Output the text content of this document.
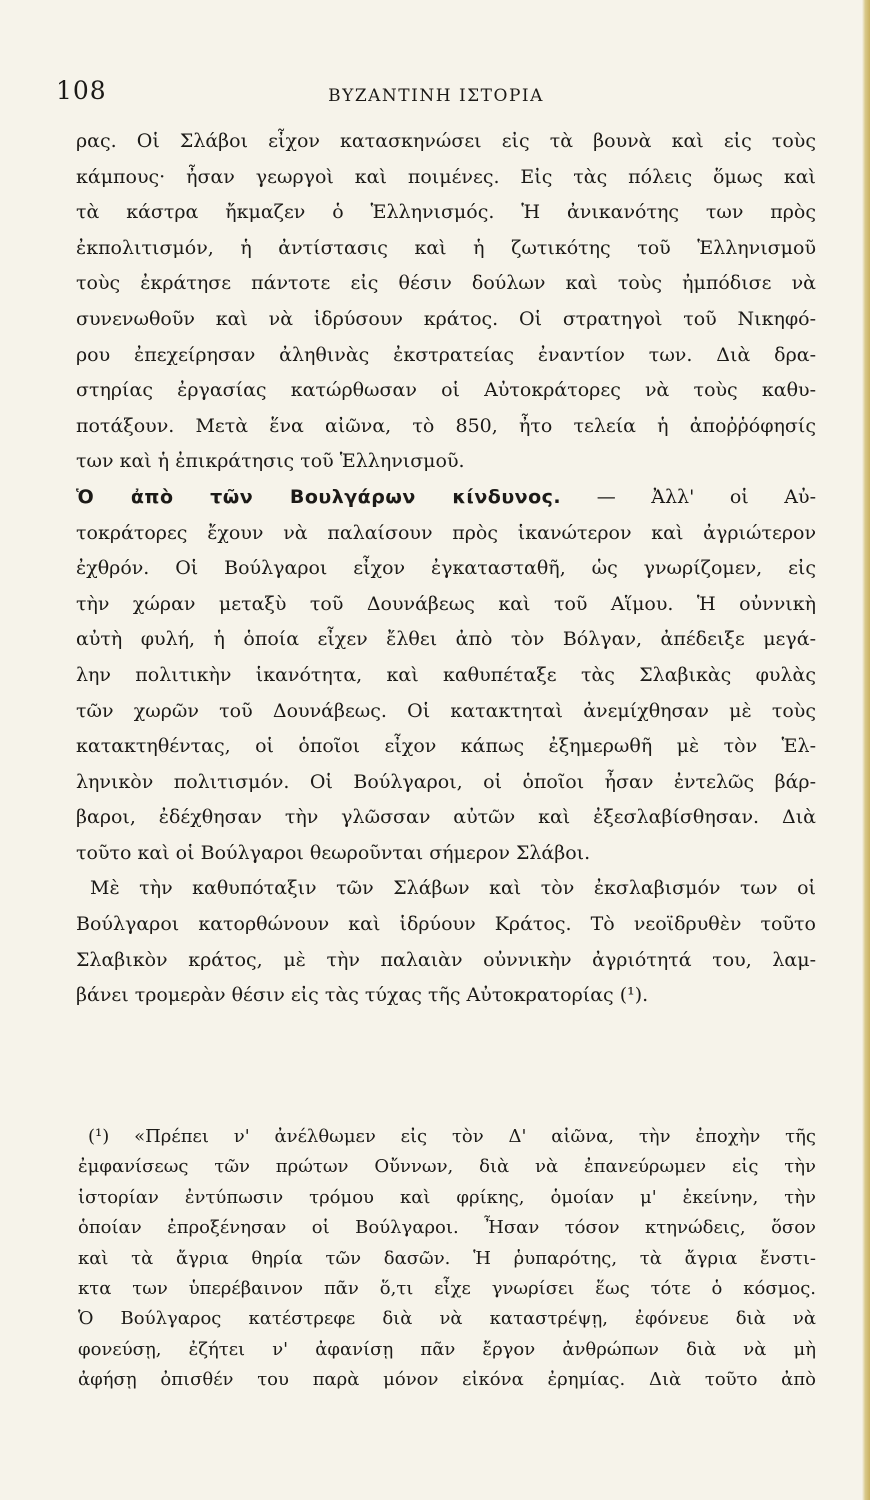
108	ΒΥΖΑΝΤΙΝΗ ΙΣΤΟΡΙΑ
ρας. Οἱ Σλάβοι εἶχον κατασκηνώσει εἰς τὰ βουνὰ καὶ εἰς τοὺς
κάμπους· ἦσαν γεωργοὶ καὶ ποιμένες. Εἰς τὰς πόλεις ὅμως καὶ
τὰ κάστρα ἤκμαζεν ὁ Ἑλληνισμός. Ἡ ἀνικανότης των πρὸς
ἐκπολιτισμόν, ἡ ἀντίστασις καὶ ἡ ζωτικότης τοῦ Ἑλληνισμοῦ
τοὺς ἐκράτησε πάντοτε εἰς θέσιν δούλων καὶ τοὺς ἠμπόδισε νὰ
συνενωθοῦν καὶ νὰ ἱδρύσουν κράτος. Οἱ στρατηγοὶ τοῦ Νικηφό-
ρου ἐπεχείρησαν ἀληθινὰς ἐκστρατείας ἐναντίον των. Διὰ δρα-
στηρίας ἐργασίας κατώρθωσαν οἱ Αὐτοκράτορες νὰ τοὺς καθυ-
ποτάξουν. Μετὰ ἕνα αἰῶνα, τὸ 850, ἦτο τελεία ἡ ἀποῤῥόφησίς
των καὶ ἡ ἐπικράτησις τοῦ Ἑλληνισμοῦ.
Ὁ ἀπὸ τῶν Βουλγάρων κίνδυνος. — Ἀλλ' οἱ Αὐ-
τοκράτορες ἔχουν νὰ παλαίσουν πρὸς ἱκανώτερον καὶ ἀγριώτερον
ἐχθρόν. Οἱ Βούλγαροι εἶχον ἐγκατασταθῆ, ὡς γνωρίζομεν, εἰς
τὴν χώραν μεταξὺ τοῦ Δουνάβεως καὶ τοῦ Αἵμου. Ἡ οὐννικὴ
αὐτὴ φυλή, ἡ ὁποία εἶχεν ἔλθει ἀπὸ τὸν Βόλγαν, ἀπέδειξε μεγά-
λην πολιτικὴν ἱκανότητα, καὶ καθυπέταξε τὰς Σλαβικὰς φυλὰς
τῶν χωρῶν τοῦ Δουνάβεως. Οἱ κατακτηταὶ ἀνεμίχθησαν μὲ τοὺς
κατακτηθέντας, οἱ ὁποῖοι εἶχον κάπως ἐξημερωθῆ μὲ τὸν Ἑλ-
ληνικὸν πολιτισμόν. Οἱ Βούλγαροι, οἱ ὁποῖοι ἦσαν ἐντελῶς βάρ-
βαροι, ἐδέχθησαν τὴν γλῶσσαν αὐτῶν καὶ ἐξεσλαβίσθησαν. Διὰ
τοῦτο καὶ οἱ Βούλγαροι θεωροῦνται σήμερον Σλάβοι.
Μὲ τὴν καθυπόταξιν τῶν Σλάβων καὶ τὸν ἐκσλαβισμόν των οἱ
Βούλγαροι κατορθώνουν καὶ ἱδρύουν Κράτος. Τὸ νεοϊδρυθὲν τοῦτο
Σλαβικὸν κράτος, μὲ τὴν παλαιὰν οὐννικὴν ἀγριότητά του, λαμ-
βάνει τρομερὰν θέσιν εἰς τὰς τύχας τῆς Αὐτοκρατορίας (¹).
(¹) «Πρέπει ν' ἀνέλθωμεν εἰς τὸν Δ' αἰῶνα, τὴν ἐποχὴν τῆς
ἐμφανίσεως τῶν πρώτων Οὔννων, διὰ νὰ ἐπανεύρωμεν εἰς τὴν
ἱστορίαν ἐντύπωσιν τρόμου καὶ φρίκης, ὁμοίαν μ' ἐκείνην, τὴν
ὁποίαν ἐπροξένησαν οἱ Βούλγαροι. Ἦσαν τόσον κτηνώδεις, ὅσον
καὶ τὰ ἄγρια θηρία τῶν δασῶν. Ἡ ῥυπαρότης, τὰ ἄγρια ἔνστι-
κτα των ὑπερέβαινον πᾶν ὅ,τι εἶχε γνωρίσει ἕως τότε ὁ κόσμος.
Ὁ Βούλγαρος κατέστρεφε διὰ νὰ καταστρέψῃ, ἐφόνευε διὰ νὰ
φονεύσῃ, ἐζήτει ν' ἀφανίσῃ πᾶν ἔργον ἀνθρώπων διὰ νὰ μὴ
ἀφήσῃ ὀπισθέν του παρὰ μόνον εἰκόνα ἐρημίας. Διὰ τοῦτο ἀπὸ
